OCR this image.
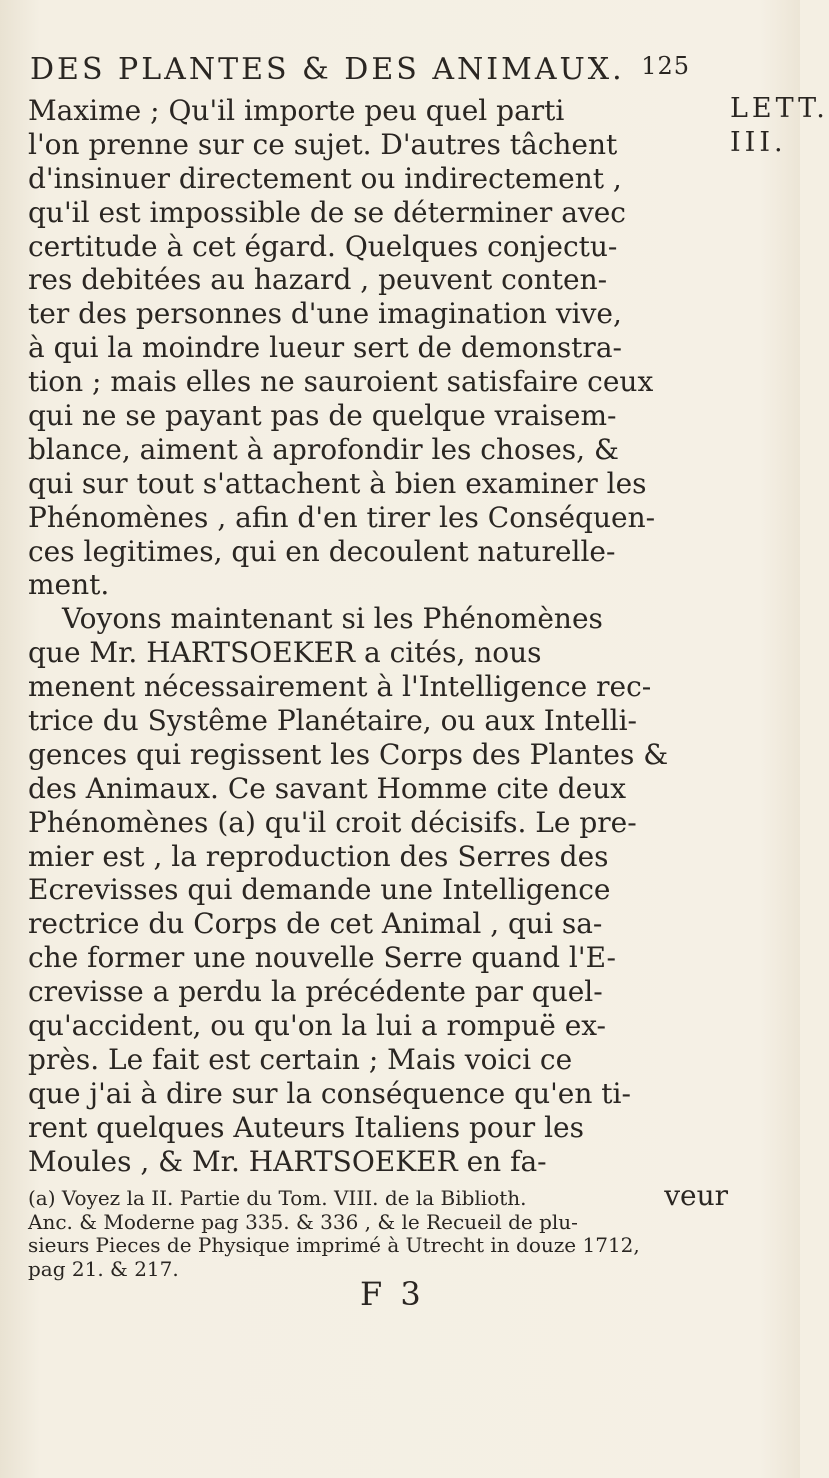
DES PLANTES & DES ANIMAUX. 125
LETT.
III.
Maxime ; Qu'il importe peu quel parti
l'on prenne sur ce sujet. D'autres tâchent
d'insinuer directement ou indirectement ,
qu'il est impossible de se déterminer avec
certitude à cet égard. Quelques conjectu-
res debitées au hazard , peuvent conten-
ter des personnes d'une imagination vive,
à qui la moindre lueur sert de demonstra-
tion ; mais elles ne sauroient satisfaire ceux
qui ne se payant pas de quelque vraisem-
blance, aiment à aprofondir les choses, &
qui sur tout s'attachent à bien examiner les
Phénomènes , afin d'en tirer les Conséquen-
ces legitimes, qui en decoulent naturelle-
ment.
Voyons maintenant si les Phénomènes
que Mr. HARTSOEKER a cités, nous
menent nécessairement à l'Intelligence rec-
trice du Systême Planétaire, ou aux Intelli-
gences qui regissent les Corps des Plantes &
des Animaux. Ce savant Homme cite deux
Phénomènes (a) qu'il croit décisifs. Le pre-
mier est , la reproduction des Serres des
Ecrevisses qui demande une Intelligence
rectrice du Corps de cet Animal , qui sa-
che former une nouvelle Serre quand l'E-
crevisse a perdu la précédente par quel-
qu'accident, ou qu'on la lui a rompuë ex-
près. Le fait est certain ; Mais voici ce
que j'ai à dire sur la conséquence qu'en ti-
rent quelques Auteurs Italiens pour les
Moules , & Mr. HARTSOEKER en fa-
veur
(a) Voyez la II. Partie du Tom. VIII. de la Biblioth.
Anc. & Moderne pag 335. & 336 , & le Recueil de plu-
sieurs Pieces de Physique imprimé à Utrecht in douze 1712,
pag 21. & 217.
F 3
